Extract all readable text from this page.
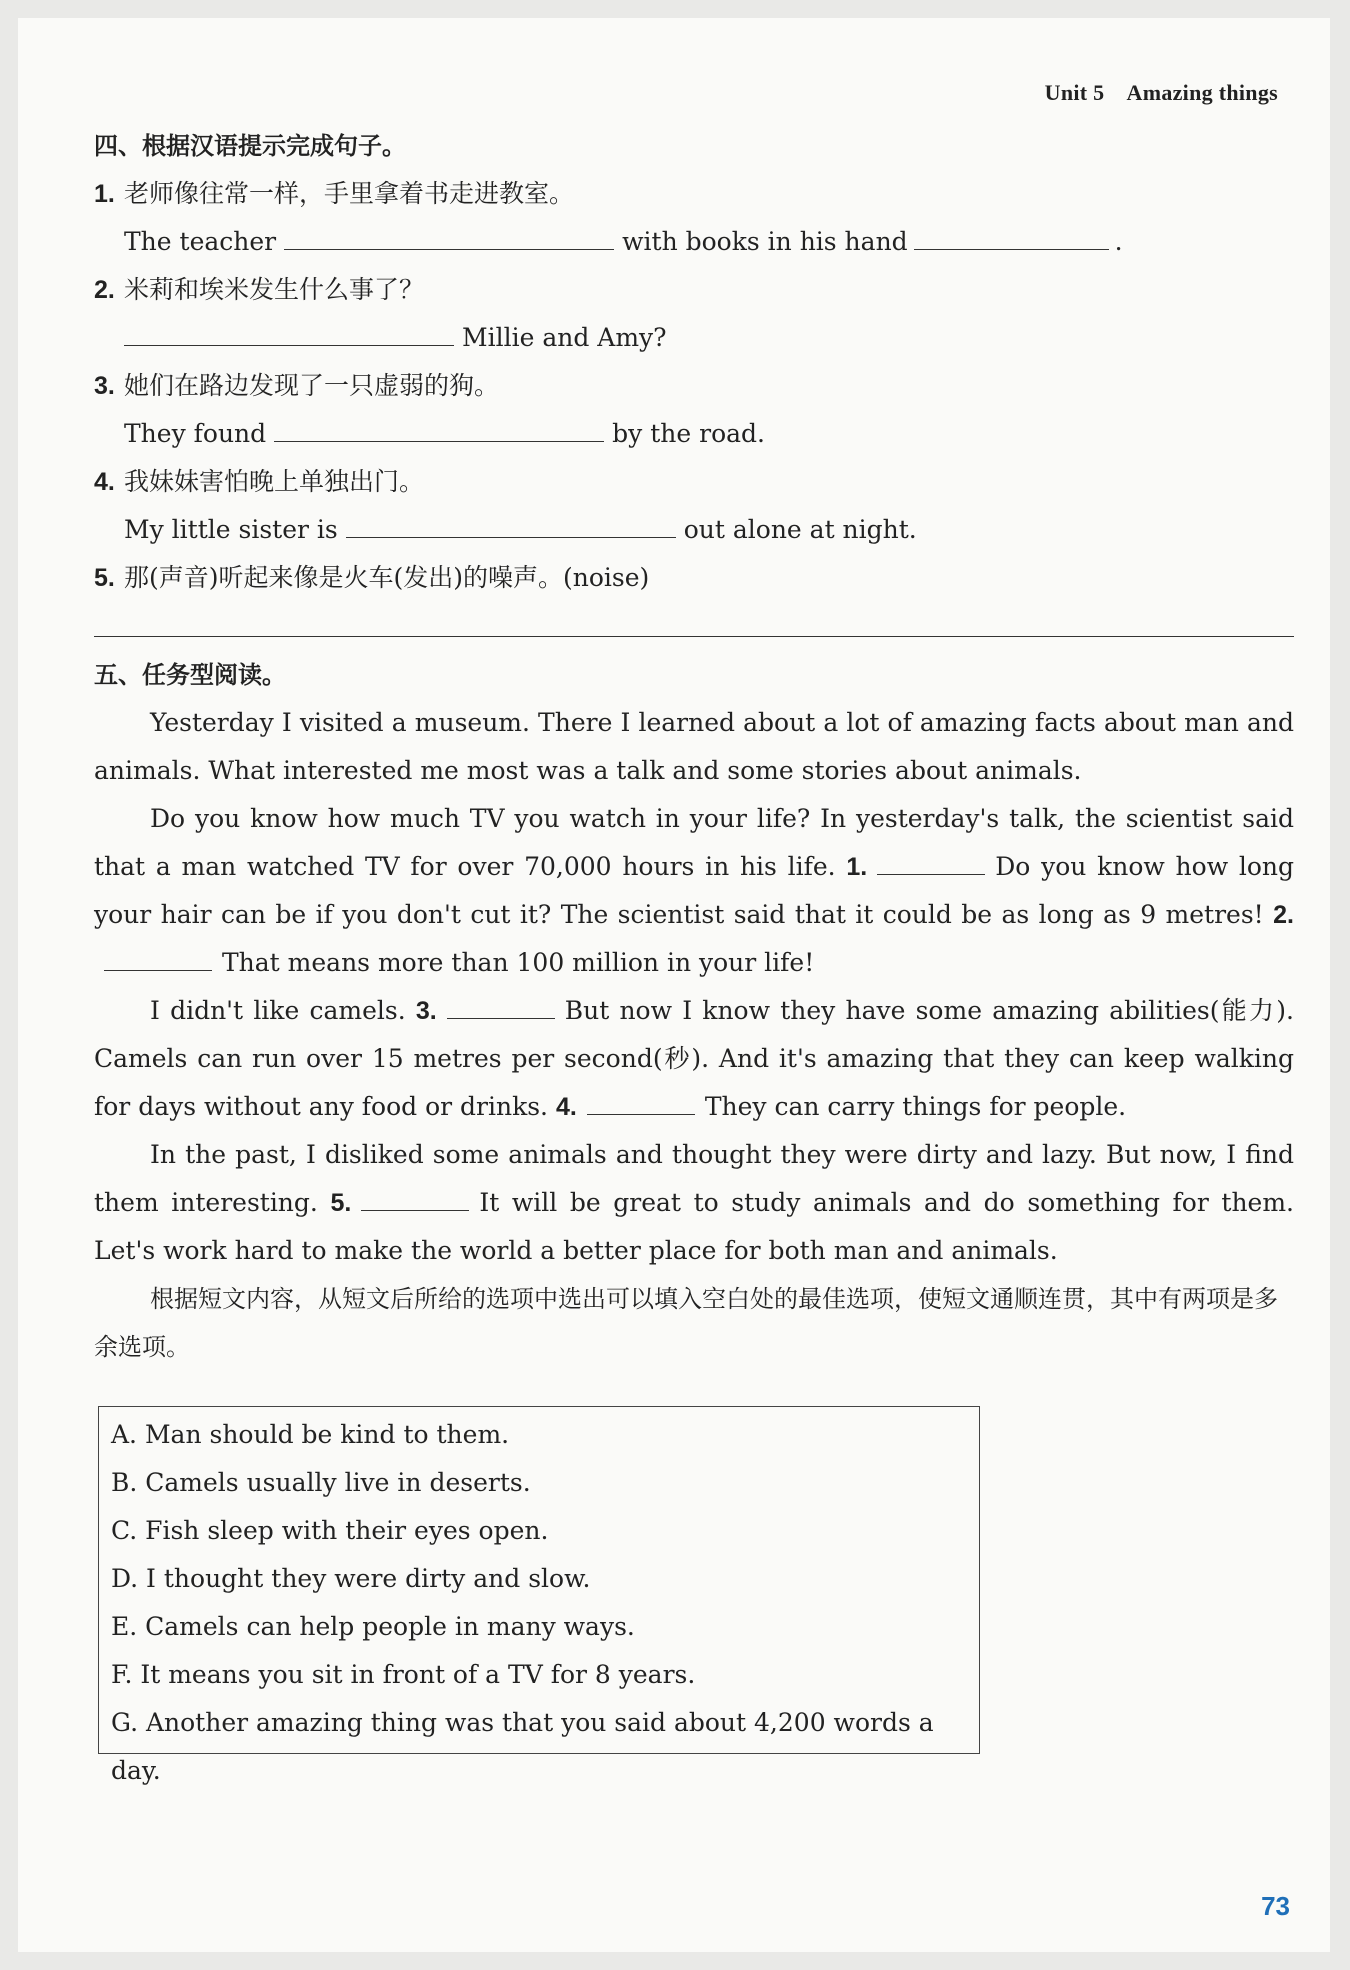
Unit 5 Amazing things
四、根据汉语提示完成句子。
1. 老师像往常一样，手里拿着书走进教室。
The teacher	with books in his hand	.
2. 米莉和埃米发生什么事了？
Millie and Amy?
3. 她们在路边发现了一只虚弱的狗。
They found	by the road.
4. 我妹妹害怕晚上单独出门。
My little sister is	out alone at night.
5. 那(声音)听起来像是火车(发出)的噪声。(noise)
五、任务型阅读。

Yesterday I visited a museum. There I learned about a lot of amazing facts about man and animals. What interested me most was a talk and some stories about animals.

Do you know how much TV you watch in your life? In yesterday's talk, the scientist said that a man watched TV for over 70,000 hours in his life. 1.	Do you know how long your hair can be if you don't cut it? The scientist said that it could be as long as 9 metres! 2.That means more than 100 million in your life!

I didn't like camels. 3.	But now I know they have some amazing abilities(能力). Camels can run over 15 metres per second(秒). And it's amazing that they can keep walking for days without any food or drinks. 4.	They can carry things for people.

In the past, I disliked some animals and thought they were dirty and lazy. But now, I find them interesting. 5.	It will be great to study animals and do something for them. Let's work hard to make the world a better place for both man and animals.

根据短文内容，从短文后所给的选项中选出可以填入空白处的最佳选项，使短文通顺连贯，其中有两项是多余选项。

A. Man should be kind to them.
B. Camels usually live in deserts.
C. Fish sleep with their eyes open.
D. I thought they were dirty and slow.
E. Camels can help people in many ways.
F. It means you sit in front of a TV for 8 years.
G. Another amazing thing was that you said about 4,200 words a day.
73
